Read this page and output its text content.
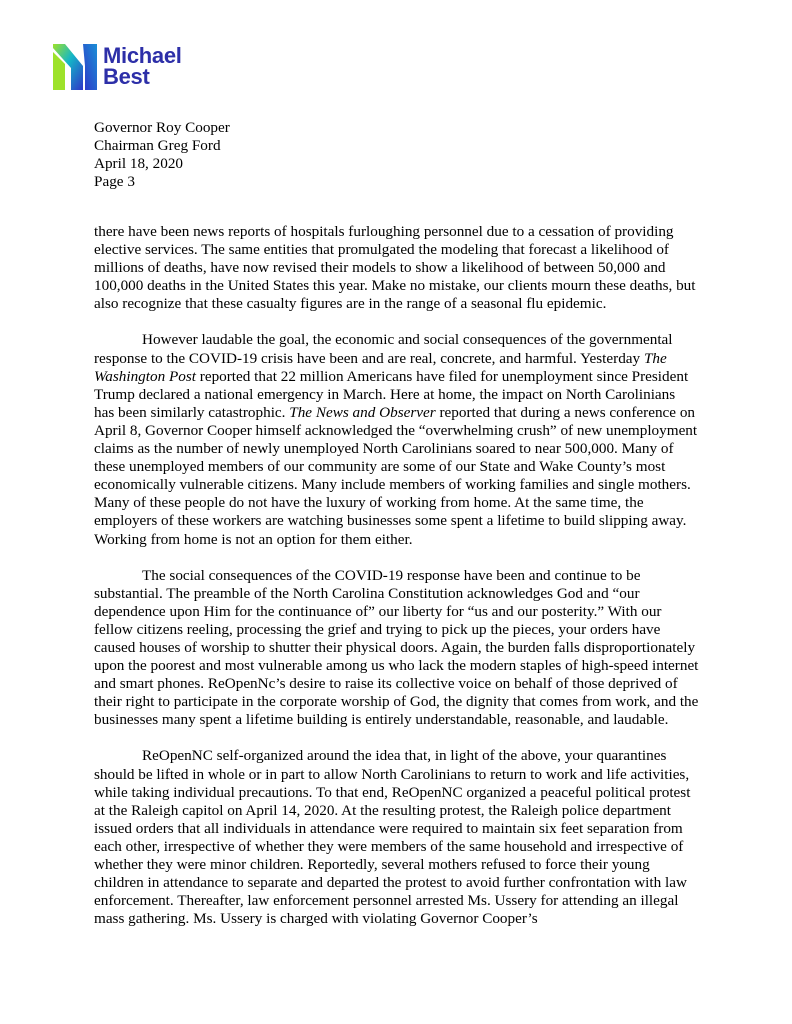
Michael
Best
Governor Roy Cooper
Chairman Greg Ford
April 18, 2020
Page 3

there have been news reports of hospitals furloughing personnel due to a cessation of providing elective services. The same entities that promulgated the modeling that forecast a likelihood of millions of deaths, have now revised their models to show a likelihood of between 50,000 and 100,000 deaths in the United States this year. Make no mistake, our clients mourn these deaths, but also recognize that these casualty figures are in the range of a seasonal flu epidemic.

However laudable the goal, the economic and social consequences of the governmental response to the COVID-19 crisis have been and are real, concrete, and harmful. Yesterday The Washington Post reported that 22 million Americans have filed for unemployment since President Trump declared a national emergency in March. Here at home, the impact on North Carolinians has been similarly catastrophic. The News and Observer reported that during a news conference on April 8, Governor Cooper himself acknowledged the “overwhelming crush” of new unemployment claims as the number of newly unemployed North Carolinians soared to near 500,000. Many of these unemployed members of our community are some of our State and Wake County’s most economically vulnerable citizens. Many include members of working families and single mothers. Many of these people do not have the luxury of working from home. At the same time, the employers of these workers are watching businesses some spent a lifetime to build slipping away. Working from home is not an option for them either.

The social consequences of the COVID-19 response have been and continue to be substantial. The preamble of the North Carolina Constitution acknowledges God and “our dependence upon Him for the continuance of” our liberty for “us and our posterity.” With our fellow citizens reeling, processing the grief and trying to pick up the pieces, your orders have caused houses of worship to shutter their physical doors. Again, the burden falls disproportionately upon the poorest and most vulnerable among us who lack the modern staples of high-speed internet and smart phones. ReOpenNc’s desire to raise its collective voice on behalf of those deprived of their right to participate in the corporate worship of God, the dignity that comes from work, and the businesses many spent a lifetime building is entirely understandable, reasonable, and laudable.

ReOpenNC self-organized around the idea that, in light of the above, your quarantines should be lifted in whole or in part to allow North Carolinians to return to work and life activities, while taking individual precautions. To that end, ReOpenNC organized a peaceful political protest at the Raleigh capitol on April 14, 2020. At the resulting protest, the Raleigh police department issued orders that all individuals in attendance were required to maintain six feet separation from each other, irrespective of whether they were members of the same household and irrespective of whether they were minor children. Reportedly, several mothers refused to force their young children in attendance to separate and departed the protest to avoid further confrontation with law enforcement. Thereafter, law enforcement personnel arrested Ms. Ussery for attending an illegal mass gathering. Ms. Ussery is charged with violating Governor Cooper’s
